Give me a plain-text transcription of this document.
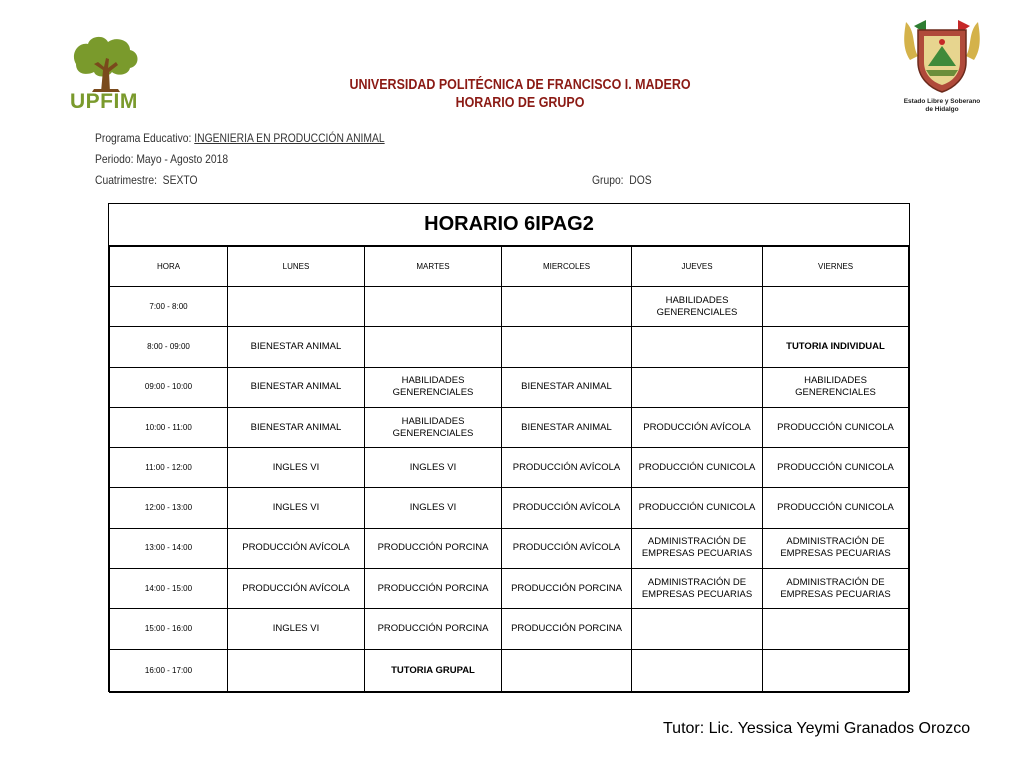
UPFIM	Estado Libre y Soberano
de Hidalgo
UNIVERSIDAD POLITÉCNICA DE FRANCISCO I. MADERO
HORARIO DE GRUPO
Programa Educativo: INGENIERIA EN PRODUCCIÓN ANIMAL
Periodo: Mayo - Agosto 2018
Cuatrimestre: SEXTO	Grupo: DOS
HORARIO 6IPAG2
HORA	LUNES	MARTES	MIERCOLES	JUEVES	VIERNES
7:00 - 8:00				HABILIDADES GENERENCIALES	
8:00 - 09:00	BIENESTAR ANIMAL				TUTORIA INDIVIDUAL
09:00 - 10:00	BIENESTAR ANIMAL	HABILIDADES GENERENCIALES	BIENESTAR ANIMAL		HABILIDADES GENERENCIALES
10:00 - 11:00	BIENESTAR ANIMAL	HABILIDADES GENERENCIALES	BIENESTAR ANIMAL	PRODUCCIÓN AVÍCOLA	PRODUCCIÓN CUNICOLA
11:00 - 12:00	INGLES VI	INGLES VI	PRODUCCIÓN AVÍCOLA	PRODUCCIÓN CUNICOLA	PRODUCCIÓN CUNICOLA
12:00 - 13:00	INGLES VI	INGLES VI	PRODUCCIÓN AVÍCOLA	PRODUCCIÓN CUNICOLA	PRODUCCIÓN CUNICOLA
13:00 - 14:00	PRODUCCIÓN AVÍCOLA	PRODUCCIÓN PORCINA	PRODUCCIÓN AVÍCOLA	ADMINISTRACIÓN DE EMPRESAS PECUARIAS	ADMINISTRACIÓN DE EMPRESAS PECUARIAS
14:00 - 15:00	PRODUCCIÓN AVÍCOLA	PRODUCCIÓN PORCINA	PRODUCCIÓN PORCINA	ADMINISTRACIÓN DE EMPRESAS PECUARIAS	ADMINISTRACIÓN DE EMPRESAS PECUARIAS
15:00 - 16:00	INGLES VI	PRODUCCIÓN PORCINA	PRODUCCIÓN PORCINA		
16:00 - 17:00		TUTORIA GRUPAL			
Tutor: Lic. Yessica Yeymi Granados Orozco
